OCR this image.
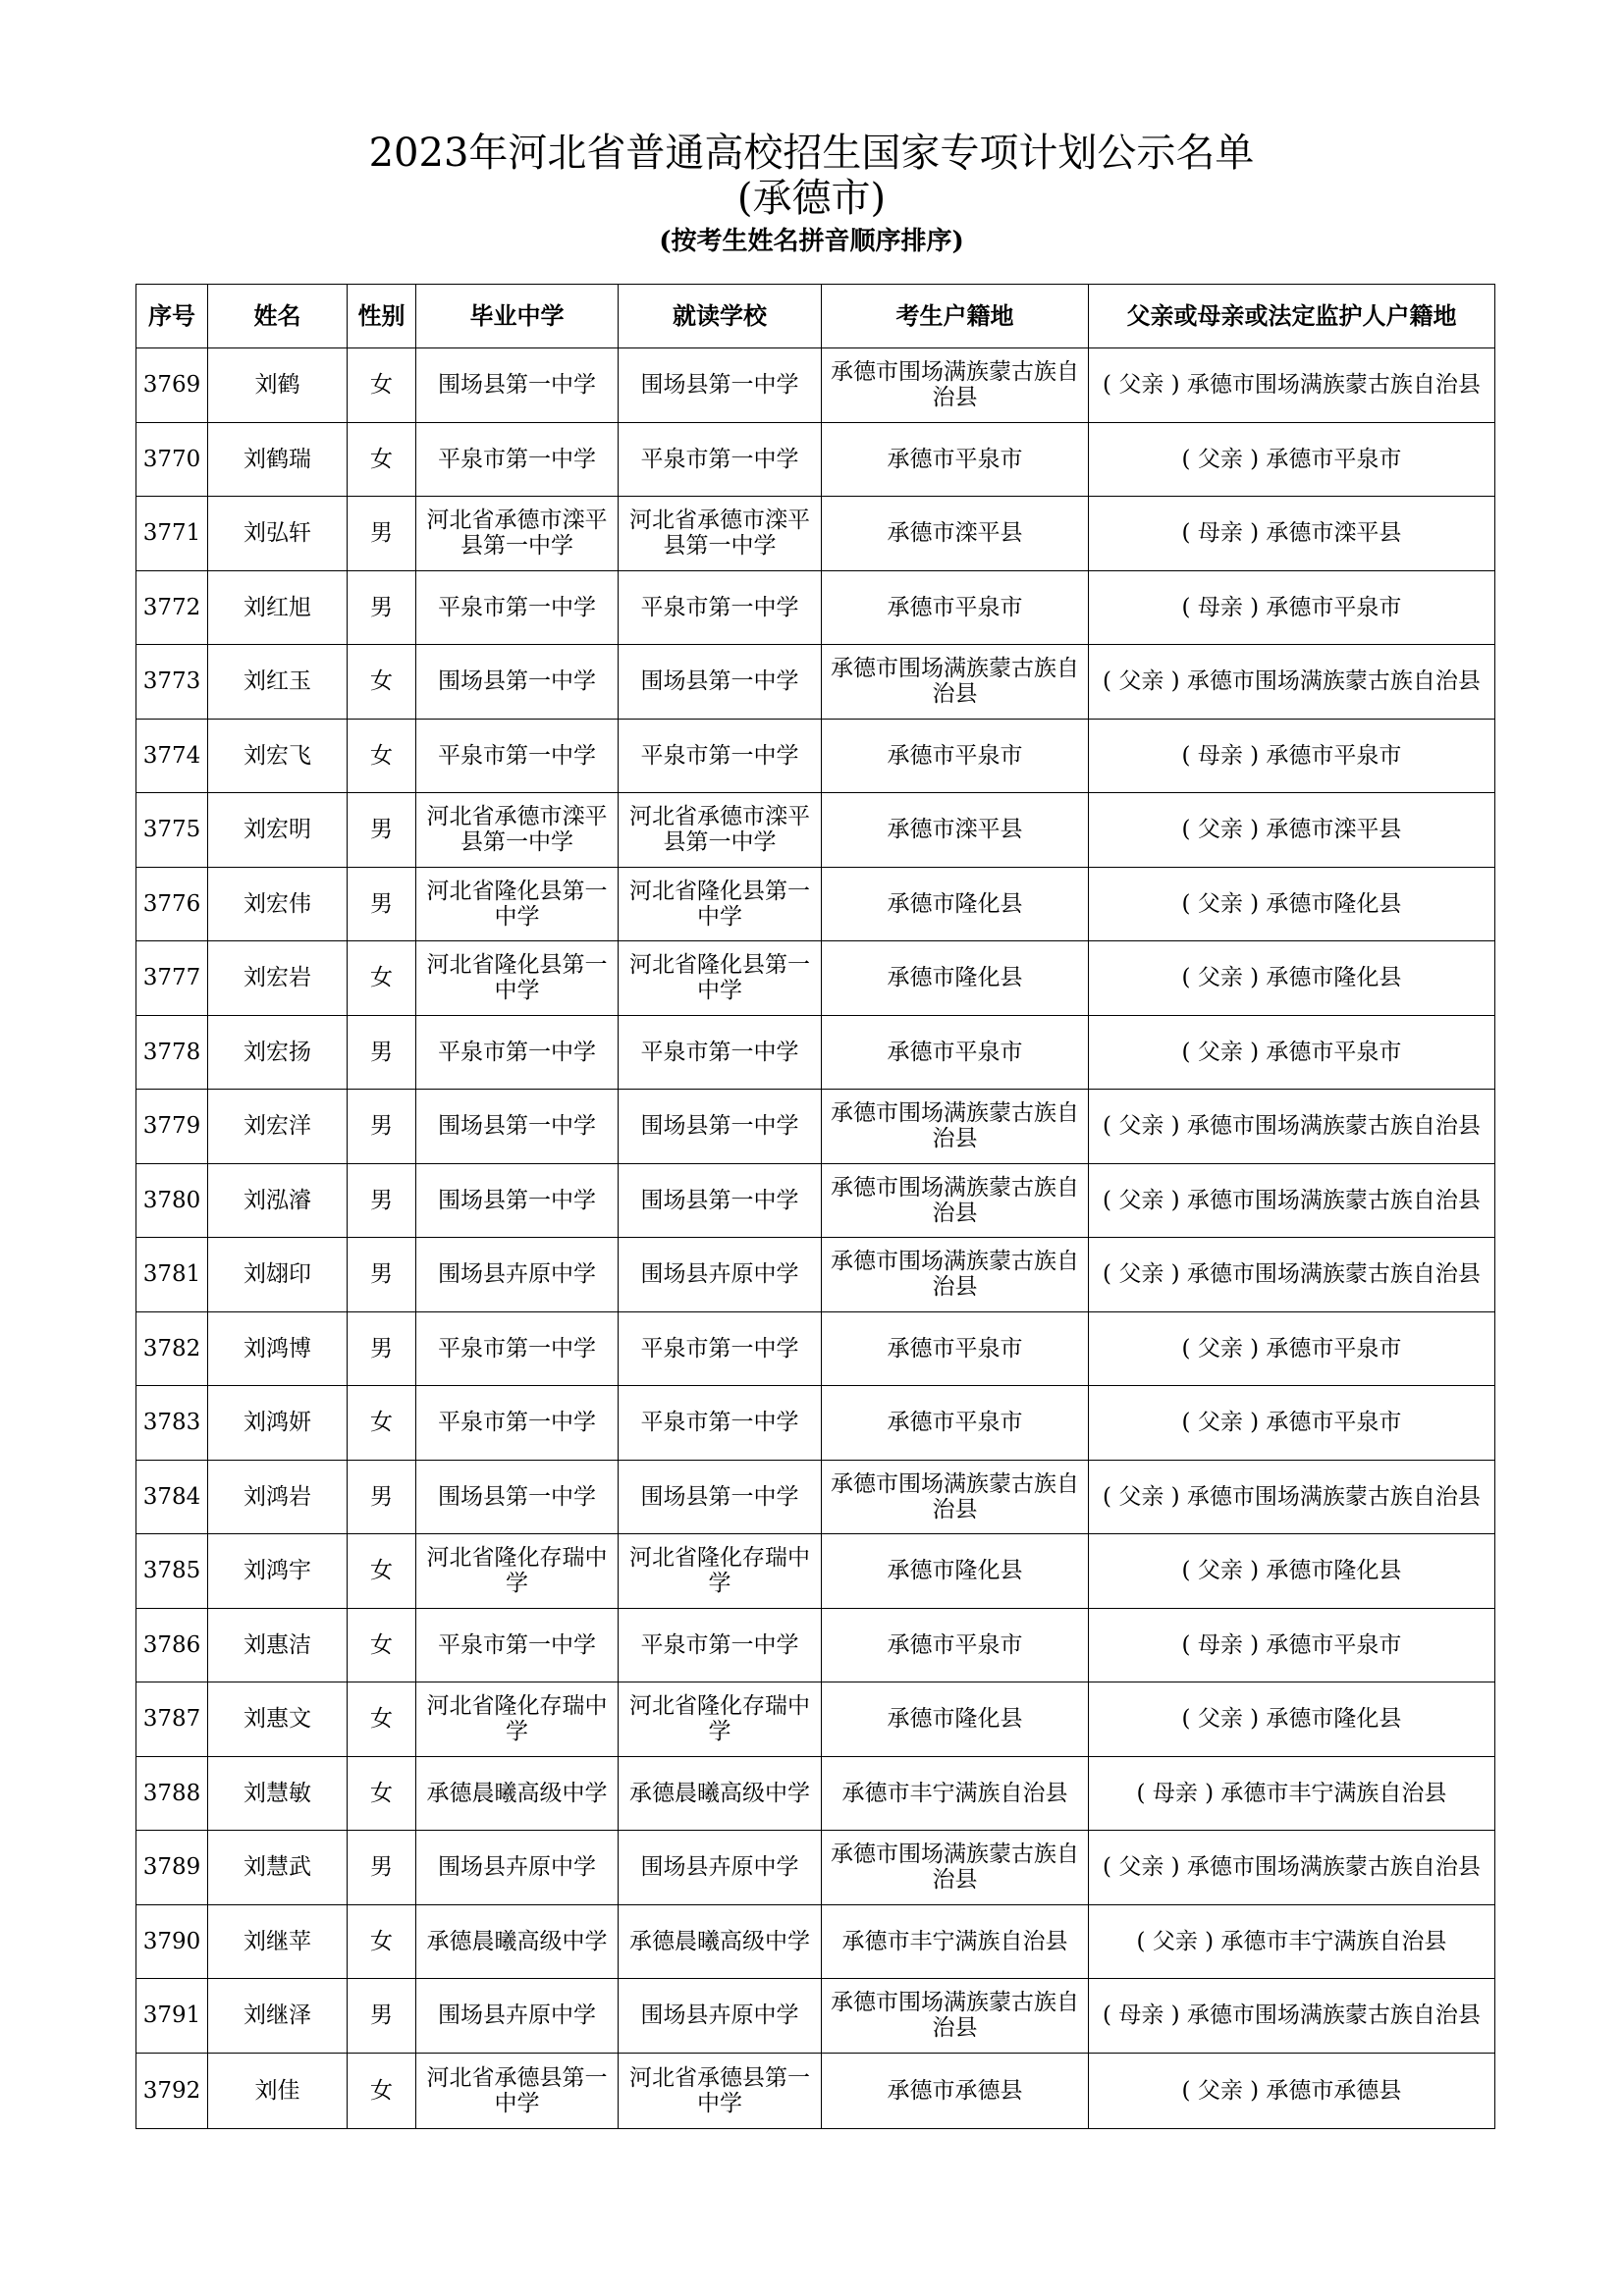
2023年河北省普通高校招生国家专项计划公示名单
(承德市)
(按考生姓名拼音顺序排序)
序号	姓名	性别	毕业中学	就读学校	考生户籍地	父亲或母亲或法定监护人户籍地
3769	刘鹤	女	围场县第一中学	围场县第一中学	承德市围场满族蒙古族自治县	( 父亲 ) 承德市围场满族蒙古族自治县
3770	刘鹤瑞	女	平泉市第一中学	平泉市第一中学	承德市平泉市	( 父亲 ) 承德市平泉市
3771	刘弘轩	男	河北省承德市滦平县第一中学	河北省承德市滦平县第一中学	承德市滦平县	( 母亲 ) 承德市滦平县
3772	刘红旭	男	平泉市第一中学	平泉市第一中学	承德市平泉市	( 母亲 ) 承德市平泉市
3773	刘红玉	女	围场县第一中学	围场县第一中学	承德市围场满族蒙古族自治县	( 父亲 ) 承德市围场满族蒙古族自治县
3774	刘宏飞	女	平泉市第一中学	平泉市第一中学	承德市平泉市	( 母亲 ) 承德市平泉市
3775	刘宏明	男	河北省承德市滦平县第一中学	河北省承德市滦平县第一中学	承德市滦平县	( 父亲 ) 承德市滦平县
3776	刘宏伟	男	河北省隆化县第一中学	河北省隆化县第一中学	承德市隆化县	( 父亲 ) 承德市隆化县
3777	刘宏岩	女	河北省隆化县第一中学	河北省隆化县第一中学	承德市隆化县	( 父亲 ) 承德市隆化县
3778	刘宏扬	男	平泉市第一中学	平泉市第一中学	承德市平泉市	( 父亲 ) 承德市平泉市
3779	刘宏洋	男	围场县第一中学	围场县第一中学	承德市围场满族蒙古族自治县	( 父亲 ) 承德市围场满族蒙古族自治县
3780	刘泓濬	男	围场县第一中学	围场县第一中学	承德市围场满族蒙古族自治县	( 父亲 ) 承德市围场满族蒙古族自治县
3781	刘翃印	男	围场县卉原中学	围场县卉原中学	承德市围场满族蒙古族自治县	( 父亲 ) 承德市围场满族蒙古族自治县
3782	刘鸿博	男	平泉市第一中学	平泉市第一中学	承德市平泉市	( 父亲 ) 承德市平泉市
3783	刘鸿妍	女	平泉市第一中学	平泉市第一中学	承德市平泉市	( 父亲 ) 承德市平泉市
3784	刘鸿岩	男	围场县第一中学	围场县第一中学	承德市围场满族蒙古族自治县	( 父亲 ) 承德市围场满族蒙古族自治县
3785	刘鸿宇	女	河北省隆化存瑞中学	河北省隆化存瑞中学	承德市隆化县	( 父亲 ) 承德市隆化县
3786	刘惠洁	女	平泉市第一中学	平泉市第一中学	承德市平泉市	( 母亲 ) 承德市平泉市
3787	刘惠文	女	河北省隆化存瑞中学	河北省隆化存瑞中学	承德市隆化县	( 父亲 ) 承德市隆化县
3788	刘慧敏	女	承德晨曦高级中学	承德晨曦高级中学	承德市丰宁满族自治县	( 母亲 ) 承德市丰宁满族自治县
3789	刘慧武	男	围场县卉原中学	围场县卉原中学	承德市围场满族蒙古族自治县	( 父亲 ) 承德市围场满族蒙古族自治县
3790	刘继苹	女	承德晨曦高级中学	承德晨曦高级中学	承德市丰宁满族自治县	( 父亲 ) 承德市丰宁满族自治县
3791	刘继泽	男	围场县卉原中学	围场县卉原中学	承德市围场满族蒙古族自治县	( 母亲 ) 承德市围场满族蒙古族自治县
3792	刘佳	女	河北省承德县第一中学	河北省承德县第一中学	承德市承德县	( 父亲 ) 承德市承德县
